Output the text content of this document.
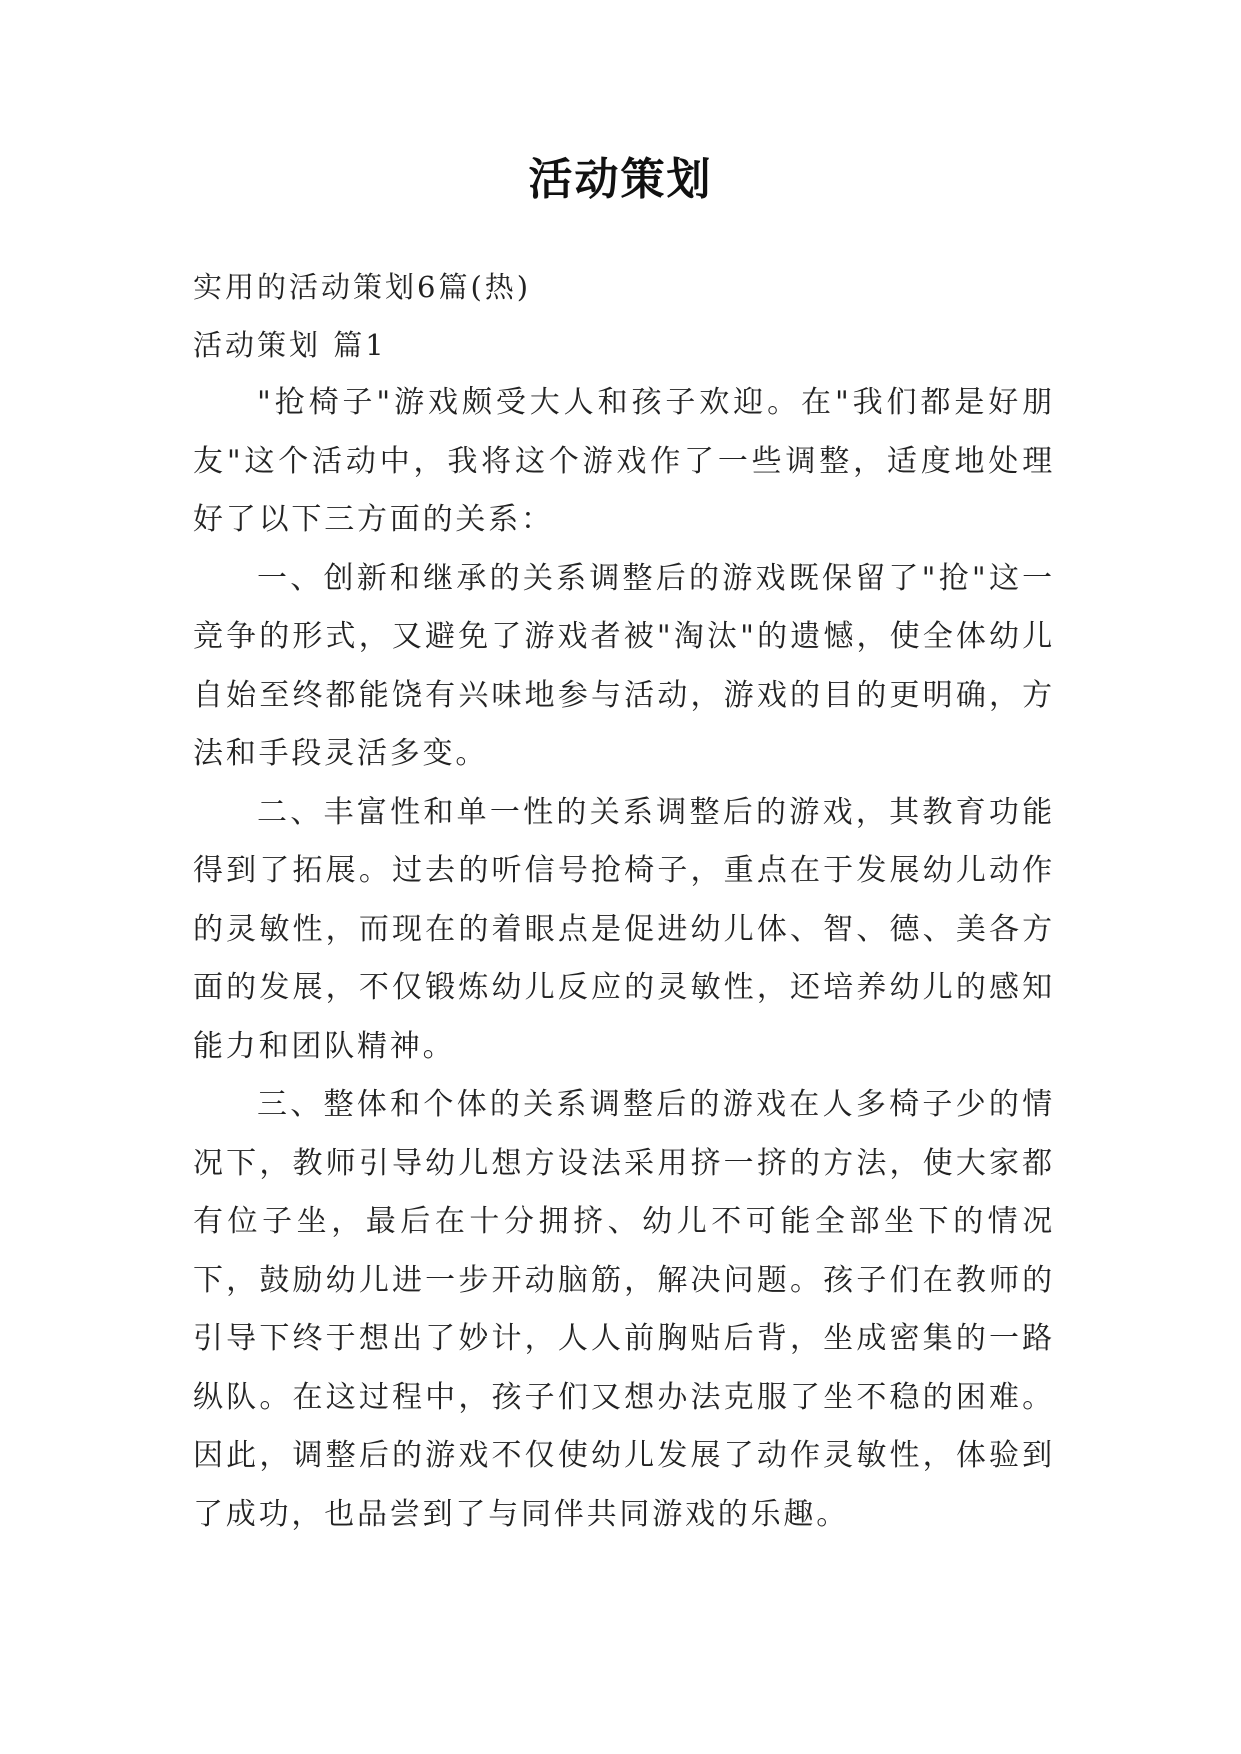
活动策划

实用的活动策划6篇(热)

活动策划 篇1

"抢椅子"游戏颇受大人和孩子欢迎。在"我们都是好朋友"这个活动中，我将这个游戏作了一些调整，适度地处理好了以下三方面的关系：

一、创新和继承的关系调整后的游戏既保留了"抢"这一竞争的形式，又避免了游戏者被"淘汰"的遗憾，使全体幼儿自始至终都能饶有兴味地参与活动，游戏的目的更明确，方法和手段灵活多变。

二、丰富性和单一性的关系调整后的游戏，其教育功能得到了拓展。过去的听信号抢椅子，重点在于发展幼儿动作的灵敏性，而现在的着眼点是促进幼儿体、智、德、美各方面的发展，不仅锻炼幼儿反应的灵敏性，还培养幼儿的感知能力和团队精神。

三、整体和个体的关系调整后的游戏在人多椅子少的情况下，教师引导幼儿想方设法采用挤一挤的方法，使大家都有位子坐，最后在十分拥挤、幼儿不可能全部坐下的情况下，鼓励幼儿进一步开动脑筋，解决问题。孩子们在教师的引导下终于想出了妙计，人人前胸贴后背，坐成密集的一路纵队。在这过程中，孩子们又想办法克服了坐不稳的困难。因此，调整后的游戏不仅使幼儿发展了动作灵敏性，体验到了成功，也品尝到了与同伴共同游戏的乐趣。
